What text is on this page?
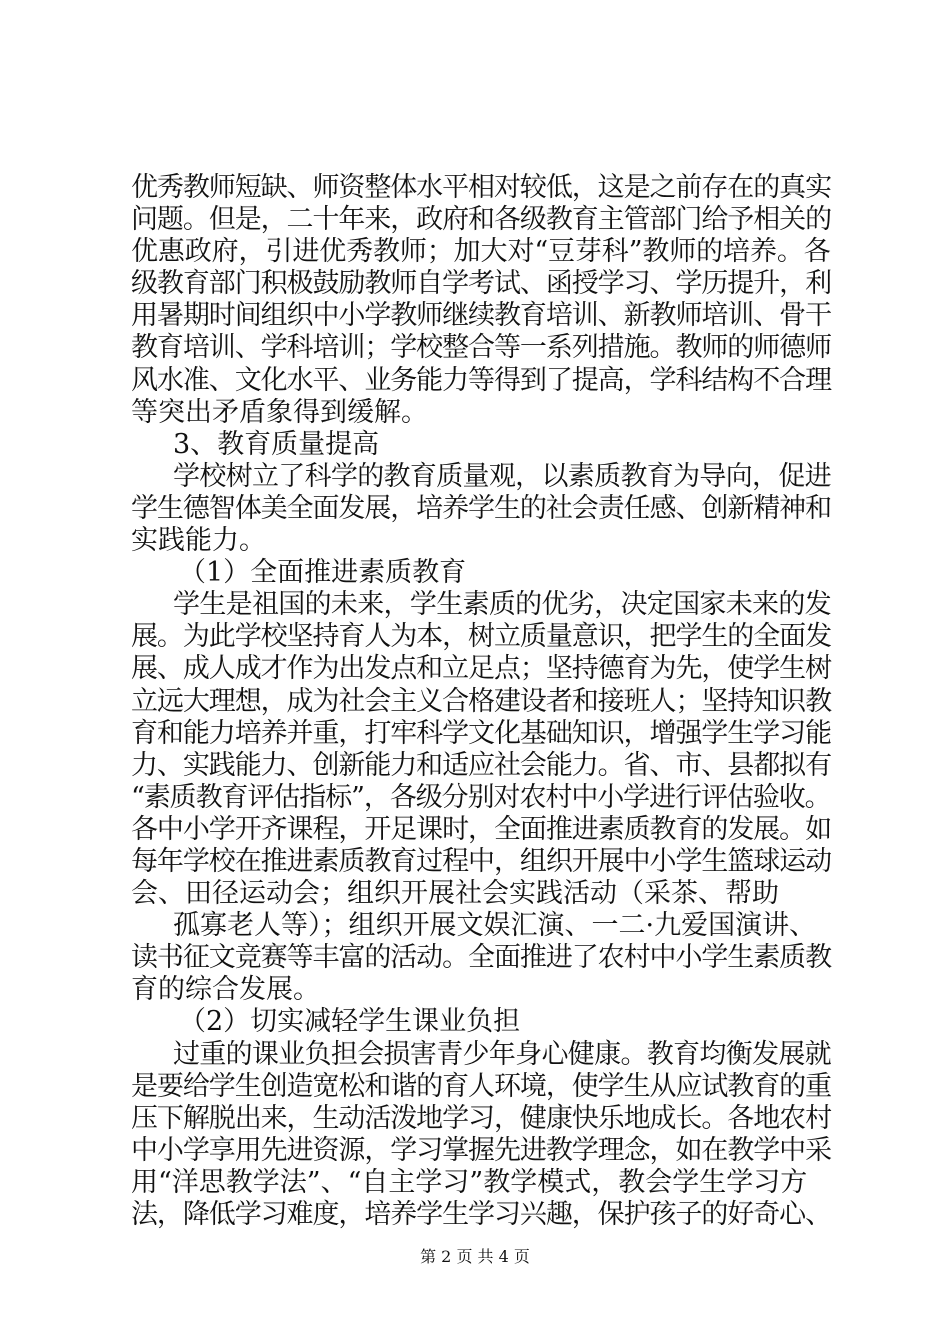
优秀教师短缺、师资整体水平相对较低，这是之前存在的真实
问题。但是，二十年来，政府和各级教育主管部门给予相关的
优惠政府，引进优秀教师；加大对“豆芽科”教师的培养。各
级教育部门积极鼓励教师自学考试、函授学习、学历提升，利
用暑期时间组织中小学教师继续教育培训、新教师培训、骨干
教育培训、学科培训；学校整合等一系列措施。教师的师德师
风水准、文化水平、业务能力等得到了提高，学科结构不合理
等突出矛盾象得到缓解。
3、教育质量提高
学校树立了科学的教育质量观，以素质教育为导向，促进
学生德智体美全面发展，培养学生的社会责任感、创新精神和
实践能力。
（1）全面推进素质教育
学生是祖国的未来，学生素质的优劣，决定国家未来的发
展。为此学校坚持育人为本，树立质量意识，把学生的全面发
展、成人成才作为出发点和立足点；坚持德育为先，使学生树
立远大理想，成为社会主义合格建设者和接班人；坚持知识教
育和能力培养并重，打牢科学文化基础知识，增强学生学习能
力、实践能力、创新能力和适应社会能力。省、市、县都拟有
“素质教育评估指标”，各级分别对农村中小学进行评估验收。
各中小学开齐课程，开足课时，全面推进素质教育的发展。如
每年学校在推进素质教育过程中，组织开展中小学生篮球运动
会、田径运动会；组织开展社会实践活动（采茶、帮助
孤寡老人等）；组织开展文娱汇演、一二·九爱国演讲、
读书征文竞赛等丰富的活动。全面推进了农村中小学生素质教
育的综合发展。
（2）切实减轻学生课业负担
过重的课业负担会损害青少年身心健康。教育均衡发展就
是要给学生创造宽松和谐的育人环境，使学生从应试教育的重
压下解脱出来，生动活泼地学习，健康快乐地成长。各地农村
中小学享用先进资源，学习掌握先进教学理念，如在教学中采
用“洋思教学法”、“自主学习”教学模式，教会学生学习方
法，降低学习难度，培养学生学习兴趣，保护孩子的好奇心、
第 2 页 共 4 页
